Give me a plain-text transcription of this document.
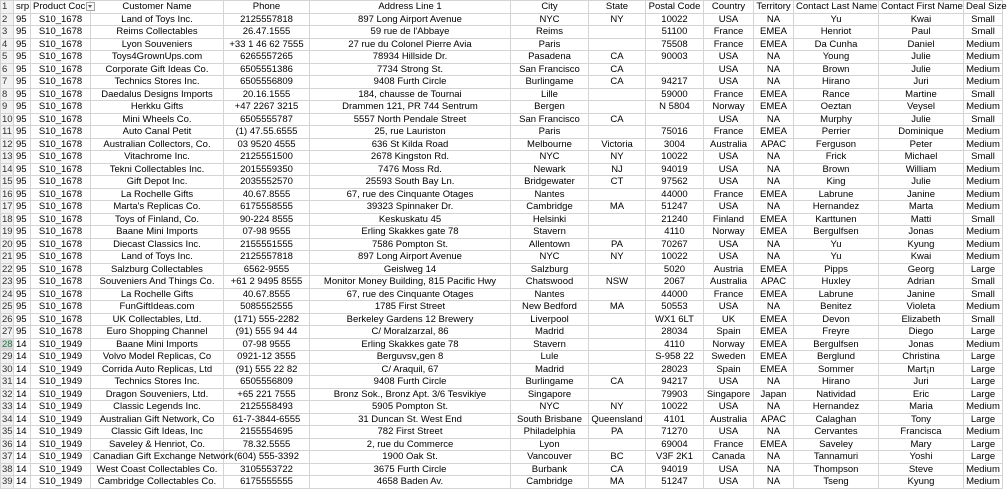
1	srp	Product Coc	Customer Name	Phone	Address Line 1	City	State	Postal Code	Country	Territory	Contact Last Name	Contact First Name	Deal Size
2	95	S10_1678	Land of Toys Inc.	2125557818	897 Long Airport Avenue	NYC	NY	10022	USA	NA	Yu	Kwai	Small
3	95	S10_1678	Reims Collectables	26.47.1555	59 rue de l'Abbaye	Reims		51100	France	EMEA	Henriot	Paul	Small
4	95	S10_1678	Lyon Souveniers	+33 1 46 62 7555	27 rue du Colonel Pierre Avia	Paris		75508	France	EMEA	Da Cunha	Daniel	Medium
5	95	S10_1678	Toys4GrownUps.com	6265557265	78934 Hillside Dr.	Pasadena	CA	90003	USA	NA	Young	Julie	Medium
6	95	S10_1678	Corporate Gift Ideas Co.	6505551386	7734 Strong St.	San Francisco	CA		USA	NA	Brown	Julie	Medium
7	95	S10_1678	Technics Stores Inc.	6505556809	9408 Furth Circle	Burlingame	CA	94217	USA	NA	Hirano	Juri	Medium
8	95	S10_1678	Daedalus Designs Imports	20.16.1555	184, chausse de Tournai	Lille		59000	France	EMEA	Rance	Martine	Small
9	95	S10_1678	Herkku Gifts	+47 2267 3215	Drammen 121, PR 744 Sentrum	Bergen		N 5804	Norway	EMEA	Oeztan	Veysel	Medium
10	95	S10_1678	Mini Wheels Co.	6505555787	5557 North Pendale Street	San Francisco	CA		USA	NA	Murphy	Julie	Small
11	95	S10_1678	Auto Canal Petit	(1) 47.55.6555	25, rue Lauriston	Paris		75016	France	EMEA	Perrier	Dominique	Medium
12	95	S10_1678	Australian Collectors, Co.	03 9520 4555	636 St Kilda Road	Melbourne	Victoria	3004	Australia	APAC	Ferguson	Peter	Medium
13	95	S10_1678	Vitachrome Inc.	2125551500	2678 Kingston Rd.	NYC	NY	10022	USA	NA	Frick	Michael	Small
14	95	S10_1678	Tekni Collectables Inc.	2015559350	7476 Moss Rd.	Newark	NJ	94019	USA	NA	Brown	William	Medium
15	95	S10_1678	Gift Depot Inc.	2035552570	25593 South Bay Ln.	Bridgewater	CT	97562	USA	NA	King	Julie	Medium
16	95	S10_1678	La Rochelle Gifts	40.67.8555	67, rue des Cinquante Otages	Nantes		44000	France	EMEA	Labrune	Janine	Medium
17	95	S10_1678	Marta's Replicas Co.	6175558555	39323 Spinnaker Dr.	Cambridge	MA	51247	USA	NA	Hernandez	Marta	Medium
18	95	S10_1678	Toys of Finland, Co.	90-224 8555	Keskuskatu 45	Helsinki		21240	Finland	EMEA	Karttunen	Matti	Small
19	95	S10_1678	Baane Mini Imports	07-98 9555	Erling Skakkes gate 78	Stavern		4110	Norway	EMEA	Bergulfsen	Jonas	Medium
20	95	S10_1678	Diecast Classics Inc.	2155551555	7586 Pompton St.	Allentown	PA	70267	USA	NA	Yu	Kyung	Medium
21	95	S10_1678	Land of Toys Inc.	2125557818	897 Long Airport Avenue	NYC	NY	10022	USA	NA	Yu	Kwai	Medium
22	95	S10_1678	Salzburg Collectables	6562-9555	Geislweg 14	Salzburg		5020	Austria	EMEA	Pipps	Georg	Large
23	95	S10_1678	Souveniers And Things Co.	+61 2 9495 8555	Monitor Money Building, 815 Pacific Hwy	Chatswood	NSW	2067	Australia	APAC	Huxley	Adrian	Small
24	95	S10_1678	La Rochelle Gifts	40.67.8555	67, rue des Cinquante Otages	Nantes		44000	France	EMEA	Labrune	Janine	Small
25	95	S10_1678	FunGiftIdeas.com	5085552555	1785 First Street	New Bedford	MA	50553	USA	NA	Benitez	Violeta	Medium
26	95	S10_1678	UK Collectables, Ltd.	(171) 555-2282	Berkeley Gardens 12 Brewery	Liverpool		WX1 6LT	UK	EMEA	Devon	Elizabeth	Small
27	95	S10_1678	Euro Shopping Channel	(91) 555 94 44	C/ Moralzarzal, 86	Madrid		28034	Spain	EMEA	Freyre	Diego	Large
28	14	S10_1949	Baane Mini Imports	07-98 9555	Erling Skakkes gate 78	Stavern		4110	Norway	EMEA	Bergulfsen	Jonas	Medium
29	14	S10_1949	Volvo Model Replicas, Co	0921-12 3555	Berguvsv„gen 8	Lule		S-958 22	Sweden	EMEA	Berglund	Christina	Large
30	14	S10_1949	Corrida Auto Replicas, Ltd	(91) 555 22 82	C/ Araquil, 67	Madrid		28023	Spain	EMEA	Sommer	Mart¡n	Large
31	14	S10_1949	Technics Stores Inc.	6505556809	9408 Furth Circle	Burlingame	CA	94217	USA	NA	Hirano	Juri	Large
32	14	S10_1949	Dragon Souveniers, Ltd.	+65 221 7555	Bronz Sok., Bronz Apt. 3/6 Tesvikiye	Singapore		79903	Singapore	Japan	Natividad	Eric	Large
33	14	S10_1949	Classic Legends Inc.	2125558493	5905 Pompton St.	NYC	NY	10022	USA	NA	Hernandez	Maria	Medium
34	14	S10_1949	Australian Gift Network, Co	61-7-3844-6555	31 Duncan St. West End	South Brisbane	Queensland	4101	Australia	APAC	Calaghan	Tony	Large
35	14	S10_1949	Classic Gift Ideas, Inc	2155554695	782 First Street	Philadelphia	PA	71270	USA	NA	Cervantes	Francisca	Medium
36	14	S10_1949	Saveley & Henriot, Co.	78.32.5555	2, rue du Commerce	Lyon		69004	France	EMEA	Saveley	Mary	Large
37	14	S10_1949	Canadian Gift Exchange Network	(604) 555-3392	1900 Oak St.	Vancouver	BC	V3F 2K1	Canada	NA	Tannamuri	Yoshi	Large
38	14	S10_1949	West Coast Collectables Co.	3105553722	3675 Furth Circle	Burbank	CA	94019	USA	NA	Thompson	Steve	Medium
39	14	S10_1949	Cambridge Collectables Co.	6175555555	4658 Baden Av.	Cambridge	MA	51247	USA	NA	Tseng	Kyung	Medium
